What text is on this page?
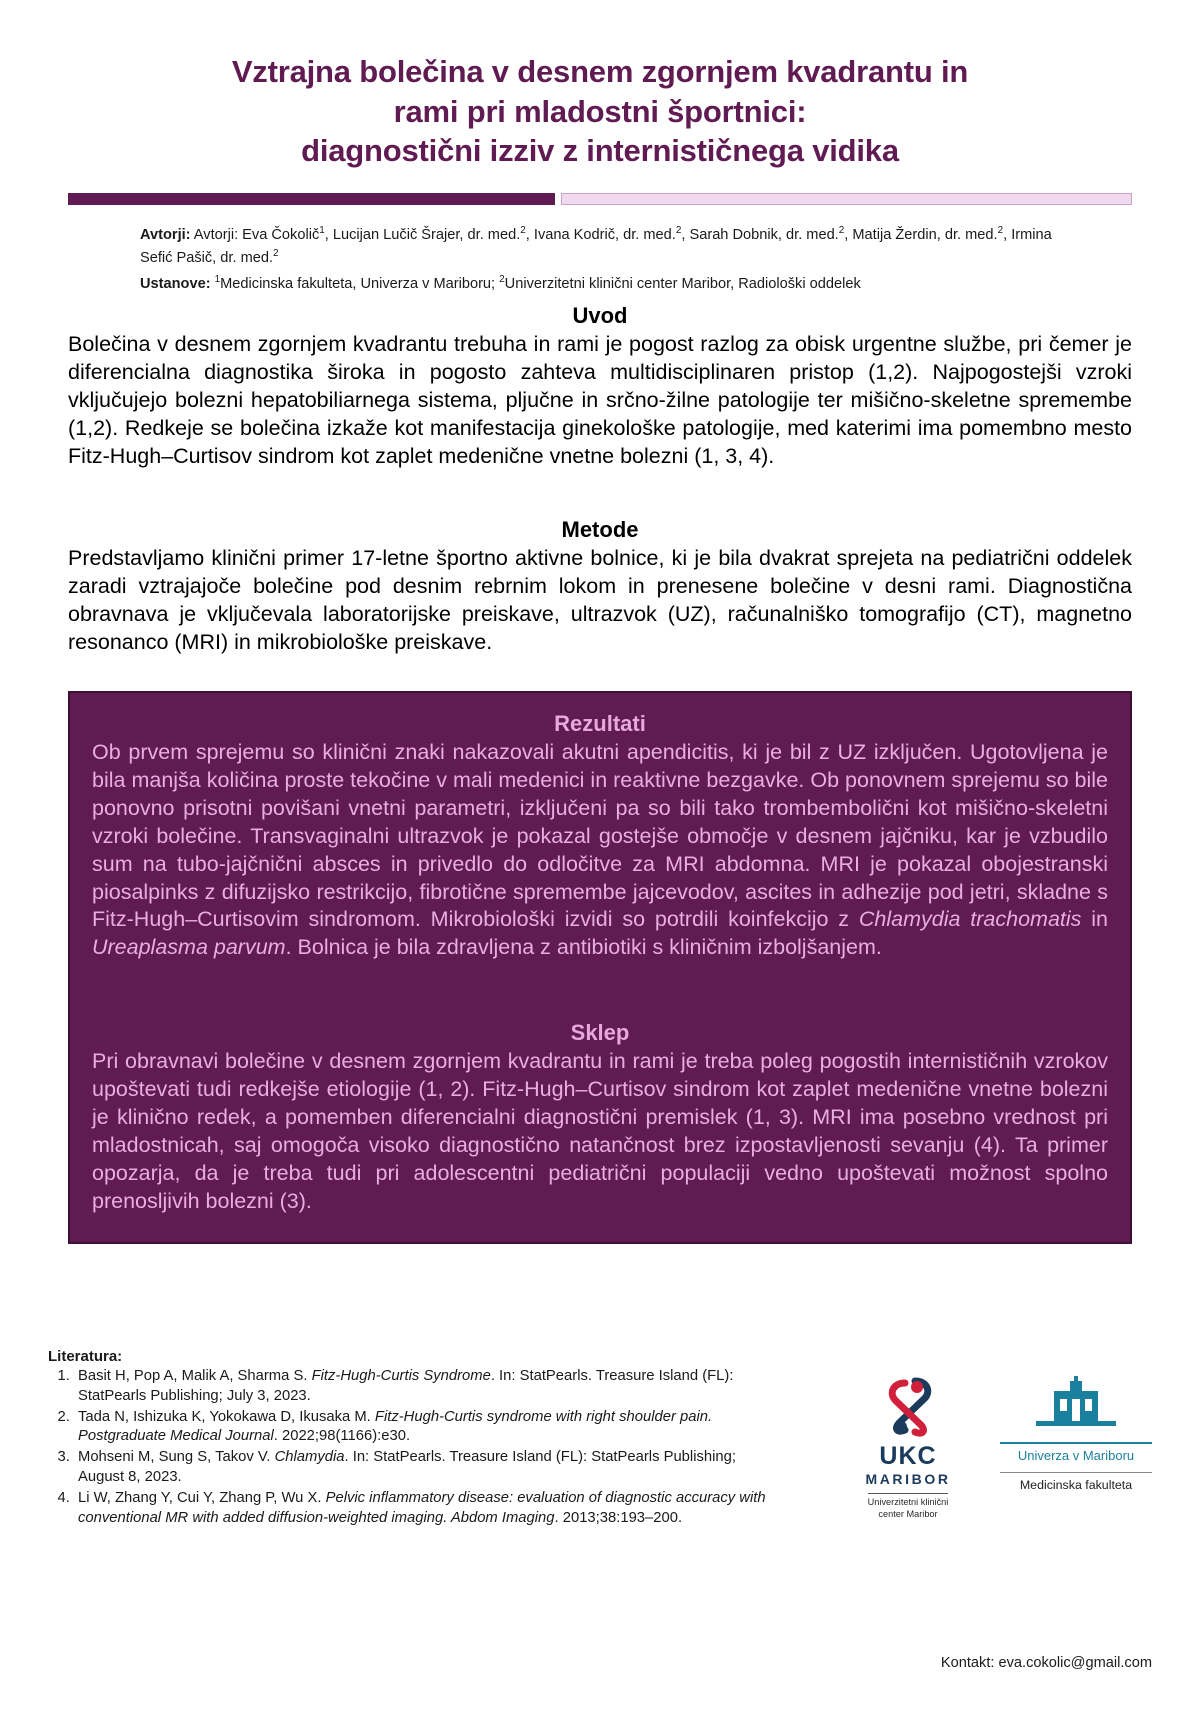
Vztrajna bolečina v desnem zgornjem kvadrantu in
rami pri mladostni športnici:
diagnostični izziv z internističnega vidika
Avtorji: Avtorji: Eva Čokolič$^1$, Lucijan Lučič Šrajer, dr. med.$^2$, Ivana Kodrič, dr. med.$^2$, Sarah Dobnik, dr. med.$^2$, Matija Žerdin, dr. med.$^2$, Irmina Sefić Pašič, dr. med.$^2$
Ustanove: $^1$Medicinska fakulteta, Univerza v Mariboru; $^2$Univerzitetni klinični center Maribor, Radiološki oddelek
Uvod

Bolečina v desnem zgornjem kvadrantu trebuha in rami je pogost razlog za obisk urgentne službe, pri čemer je diferencialna diagnostika široka in pogosto zahteva multidisciplinaren pristop (1,2). Najpogostejši vzroki vključujejo bolezni hepatobiliarnega sistema, pljučne in srčno-žilne patologije ter mišično-skeletne spremembe (1,2). Redkeje se bolečina izkaže kot manifestacija ginekološke patologije, med katerimi ima pomembno mesto Fitz-Hugh–Curtisov sindrom kot zaplet medenične vnetne bolezni (1, 3, 4).

Metode

Predstavljamo klinični primer 17-letne športno aktivne bolnice, ki je bila dvakrat sprejeta na pediatrični oddelek zaradi vztrajajoče bolečine pod desnim rebrnim lokom in prenesene bolečine v desni rami. Diagnostična obravnava je vključevala laboratorijske preiskave, ultrazvok (UZ), računalniško tomografijo (CT), magnetno resonanco (MRI) in mikrobiološke preiskave.

Rezultati

Ob prvem sprejemu so klinični znaki nakazovali akutni apendicitis, ki je bil z UZ izključen. Ugotovljena je bila manjša količina proste tekočine v mali medenici in reaktivne bezgavke. Ob ponovnem sprejemu so bile ponovno prisotni povišani vnetni parametri, izključeni pa so bili tako trombembolični kot mišično-skeletni vzroki bolečine. Transvaginalni ultrazvok je pokazal gostejše območje v desnem jajčniku, kar je vzbudilo sum na tubo-jajčnični absces in privedlo do odločitve za MRI abdomna. MRI je pokazal obojestranski piosalpinks z difuzijsko restrikcijo, fibrotične spremembe jajcevodov, ascites in adhezije pod jetri, skladne s Fitz-Hugh–Curtisovim sindromom. Mikrobiološki izvidi so potrdili koinfekcijo z Chlamydia trachomatis in Ureaplasma parvum. Bolnica je bila zdravljena z antibiotiki s kliničnim izboljšanjem.

Sklep

Pri obravnavi bolečine v desnem zgornjem kvadrantu in rami je treba poleg pogostih internističnih vzrokov upoštevati tudi redkejše etiologije (1, 2). Fitz-Hugh–Curtisov sindrom kot zaplet medenične vnetne bolezni je klinično redek, a pomemben diferencialni diagnostični premislek (1, 3). MRI ima posebno vrednost pri mladostnicah, saj omogoča visoko diagnostično natančnost brez izpostavljenosti sevanju (4). Ta primer opozarja, da je treba tudi pri adolescentni pediatrični populaciji vedno upoštevati možnost spolno prenosljivih bolezni (3).

Literatura:
1. Basit H, Pop A, Malik A, Sharma S. Fitz-Hugh-Curtis Syndrome. In: StatPearls. Treasure Island (FL): StatPearls Publishing; July 3, 2023.
2. Tada N, Ishizuka K, Yokokawa D, Ikusaka M. Fitz-Hugh-Curtis syndrome with right shoulder pain. Postgraduate Medical Journal. 2022;98(1166):e30.
3. Mohseni M, Sung S, Takov V. Chlamydia. In: StatPearls. Treasure Island (FL): StatPearls Publishing; August 8, 2023.
4. Li W, Zhang Y, Cui Y, Zhang P, Wu X. Pelvic inflammatory disease: evaluation of diagnostic accuracy with conventional MR with added diffusion-weighted imaging. Abdom Imaging. 2013;38:193–200.
UKC
MARIBOR
Univerzitetni klinični
center Maribor
Univerza v Mariboru
Medicinska fakulteta
Kontakt: eva.cokolic@gmail.com
